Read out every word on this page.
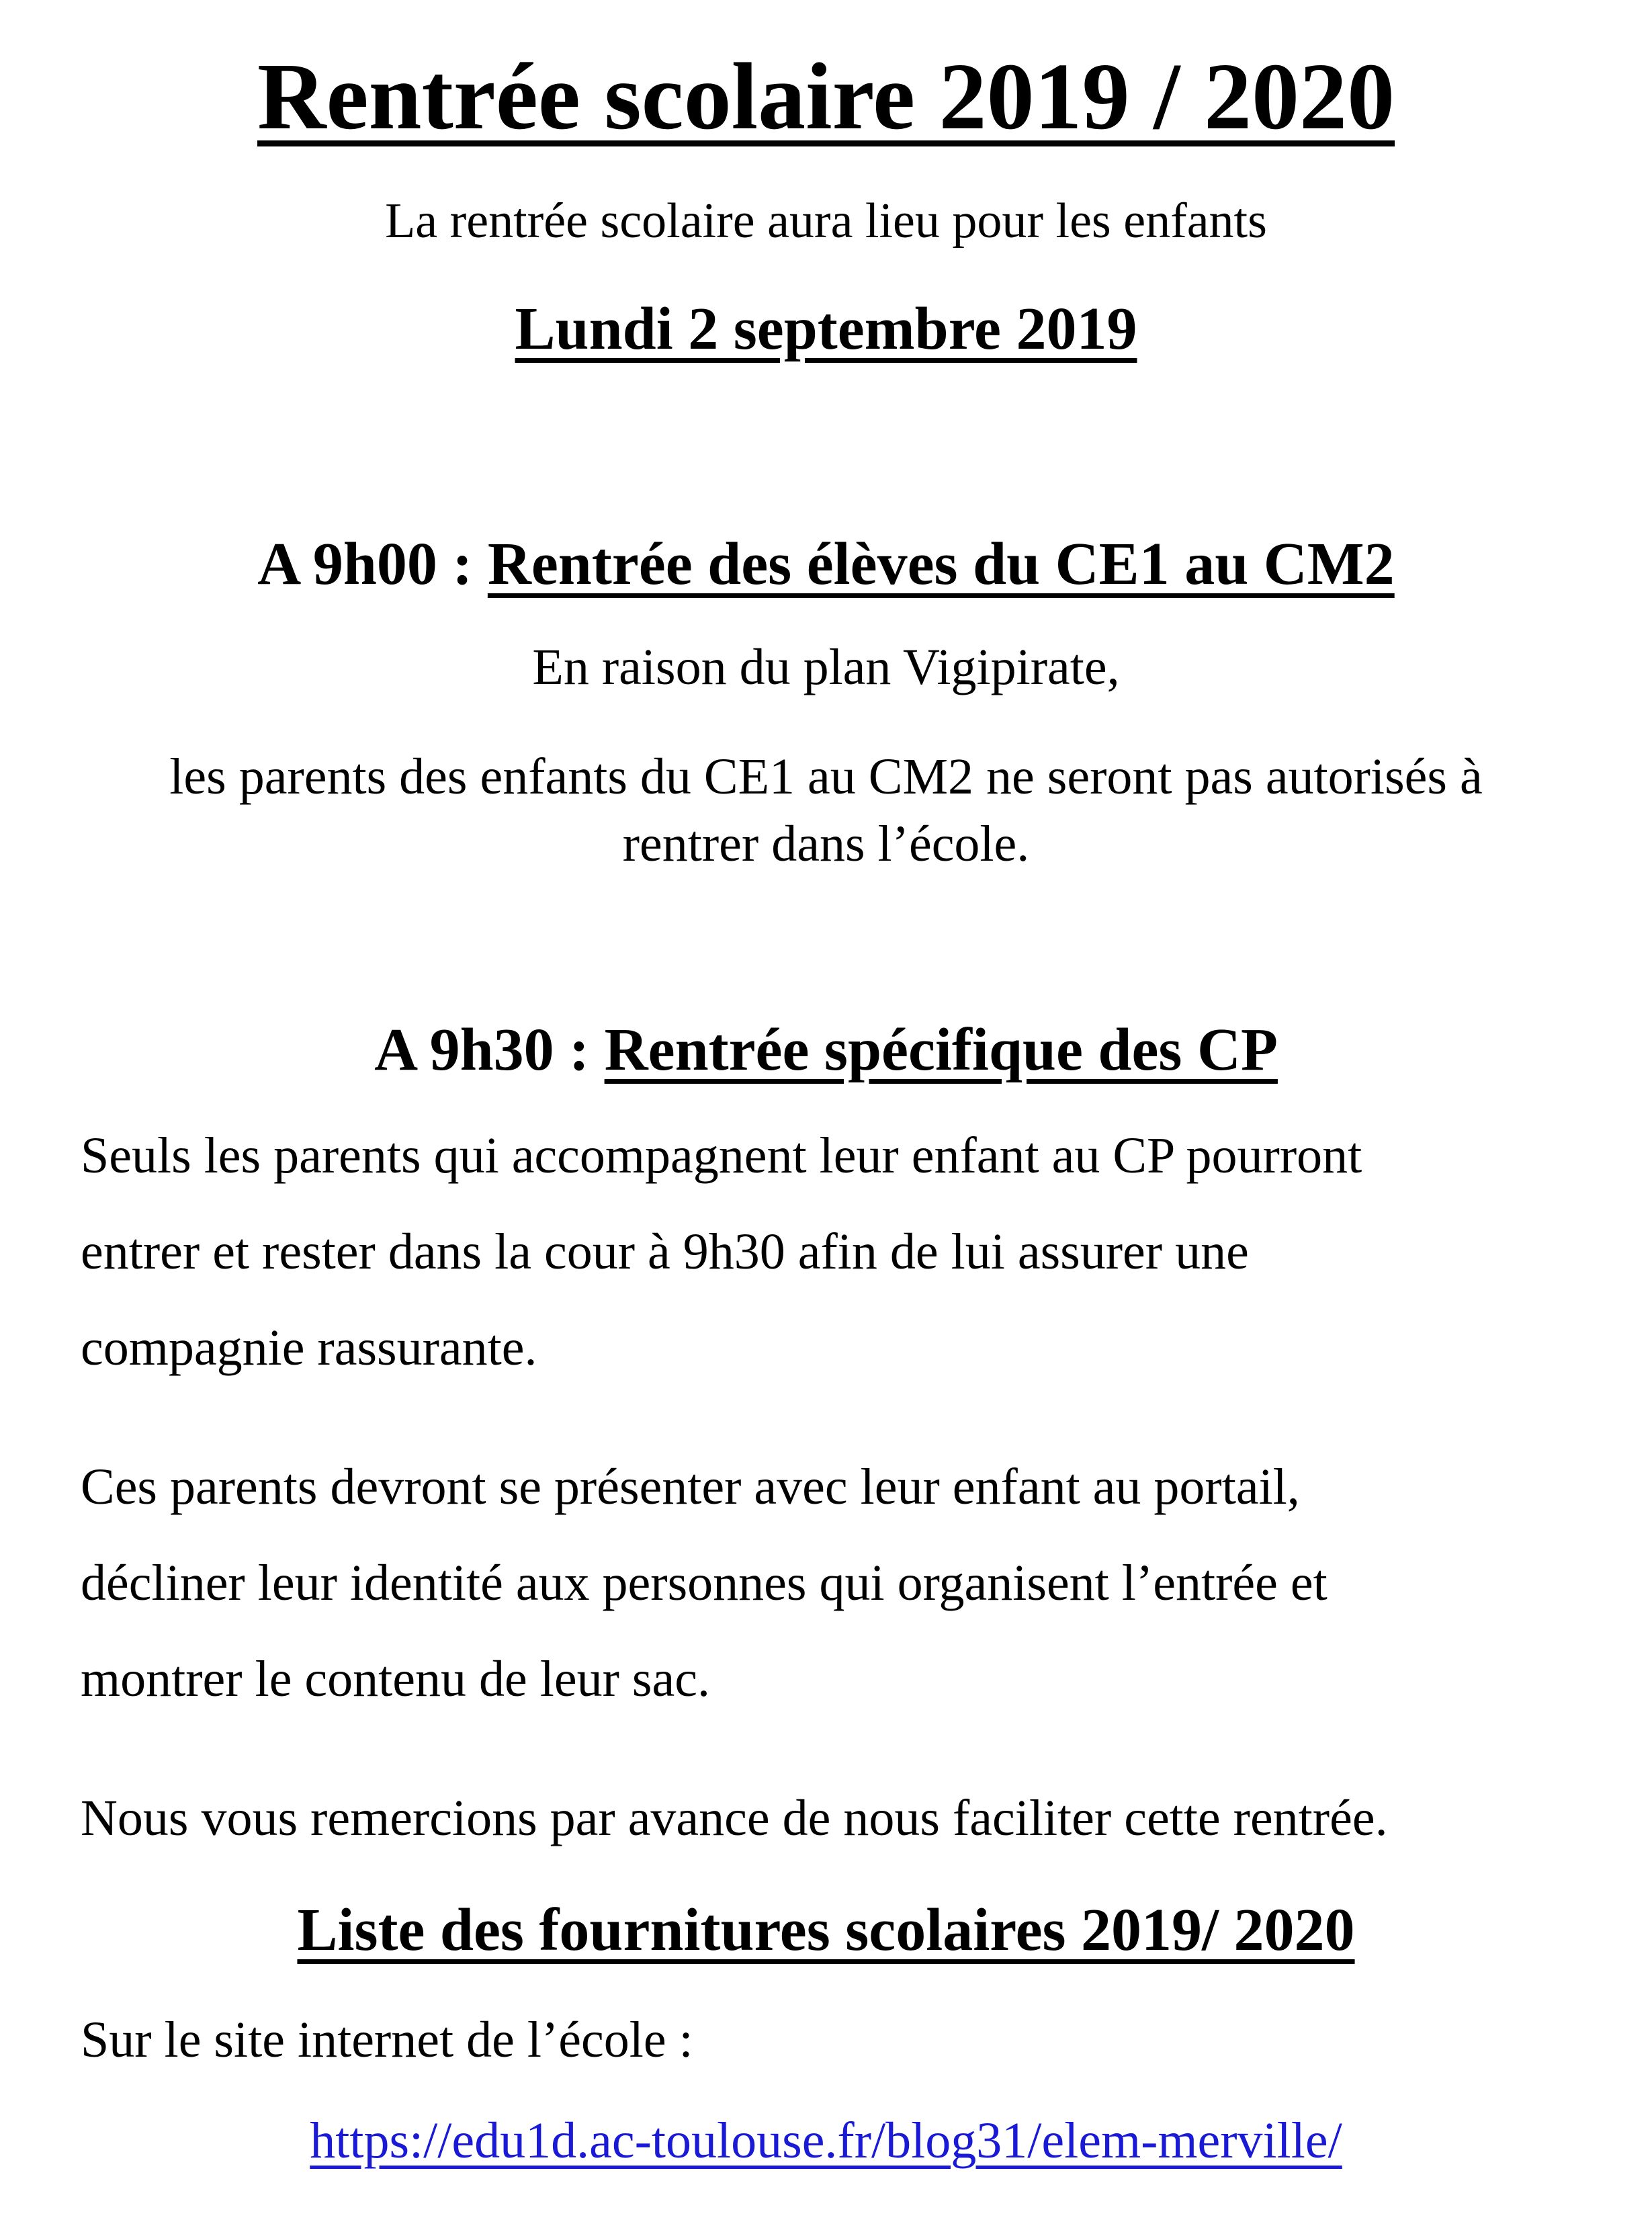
Rentrée scolaire 2019 / 2020
La rentrée scolaire aura lieu pour les enfants
Lundi 2 septembre 2019
A 9h00 : Rentrée des élèves du CE1 au CM2
En raison du plan Vigipirate,
les parents des enfants du CE1 au CM2 ne seront pas autorisés à
rentrer dans l’école.
A 9h30 : Rentrée spécifique des CP
Seuls les parents qui accompagnent leur enfant au CP pourront
entrer et rester dans la cour à 9h30 afin de lui assurer une
compagnie rassurante.
Ces parents devront se présenter avec leur enfant au portail,
décliner leur identité aux personnes qui organisent l’entrée et
montrer le contenu de leur sac.
Nous vous remercions par avance de nous faciliter cette rentrée.
Liste des fournitures scolaires 2019/ 2020
Sur le site internet de l’école :
https://edu1d.ac-toulouse.fr/blog31/elem-merville/
